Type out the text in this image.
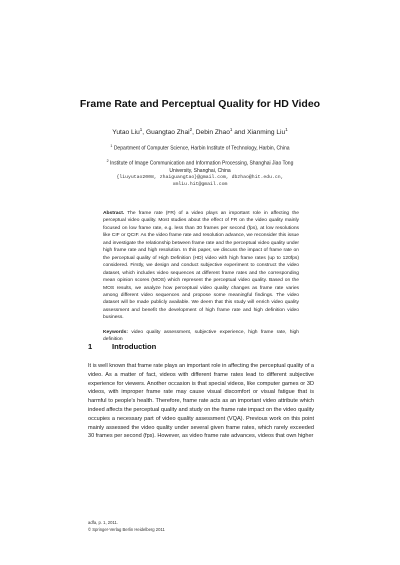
Frame Rate and Perceptual Quality for HD Video
Yutao Liu$^1$, Guangtao Zhai$^2$, Debin Zhao$^1$ and Xianming Liu$^1$
$^1$ Department of Computer Science, Harbin Institute of Technology, Harbin, China
$^2$ Institute of Image Communication and Information Processing, Shanghai Jiao Tong University, Shanghai, China
{liuyutao2008, zhaiguangtao}@gmail.com, dbzhao@hit.edu.cn, xmliu.hit@gmail.com
Abstract. The frame rate (FR) of a video plays an important role in affecting the perceptual video quality. Most studies about the effect of FR on the video quality mainly focused on low frame rate, e.g. less than 30 frames per second (fps), at low resolutions like CIF or QCIF. As the video frame rate and resolution advance, we reconsider this issue and investigate the relationship between frame rate and the perceptual video quality under high frame rate and high resolution. In this paper, we discuss the impact of frame rate on the perceptual quality of High Definition (HD) video with high frame rates (up to 120fps) considered. Firstly, we design and conduct subjective experiment to construct the video dataset, which includes video sequences at different frame rates and the corresponding mean opinion scores (MOS) which represent the perceptual video quality. Based on the MOS results, we analyze how perceptual video quality changes as frame rate varies among different video sequences and propose some meaningful findings. The video dataset will be made publicly available. We deem that this study will enrich video quality assessment and benefit the development of high frame rate and high definition video business.
Keywords: video quality assessment, subjective experience, high frame rate, high definition
1	Introduction
It is well known that frame rate plays an important role in affecting the perceptual quality of a video. As a matter of fact, videos with different frame rates lead to different subjective experience for viewers. Another occasion is that special videos, like computer games or 3D videos, with improper frame rate may cause visual discomfort or visual fatigue that is harmful to people’s health. Therefore, frame rate acts as an important video attribute which indeed affects the perceptual quality and study on the frame rate impact on the video quality occupies a necessary part of video quality assessment (VQA). Previous work on this point mainly assessed the video quality under several given frame rates, which rarely exceeded 30 frames per second (fps). However, as video frame rate advances, videos that own higher
adfa, p. 1, 2011.
© Springer-Verlag Berlin Heidelberg 2011
